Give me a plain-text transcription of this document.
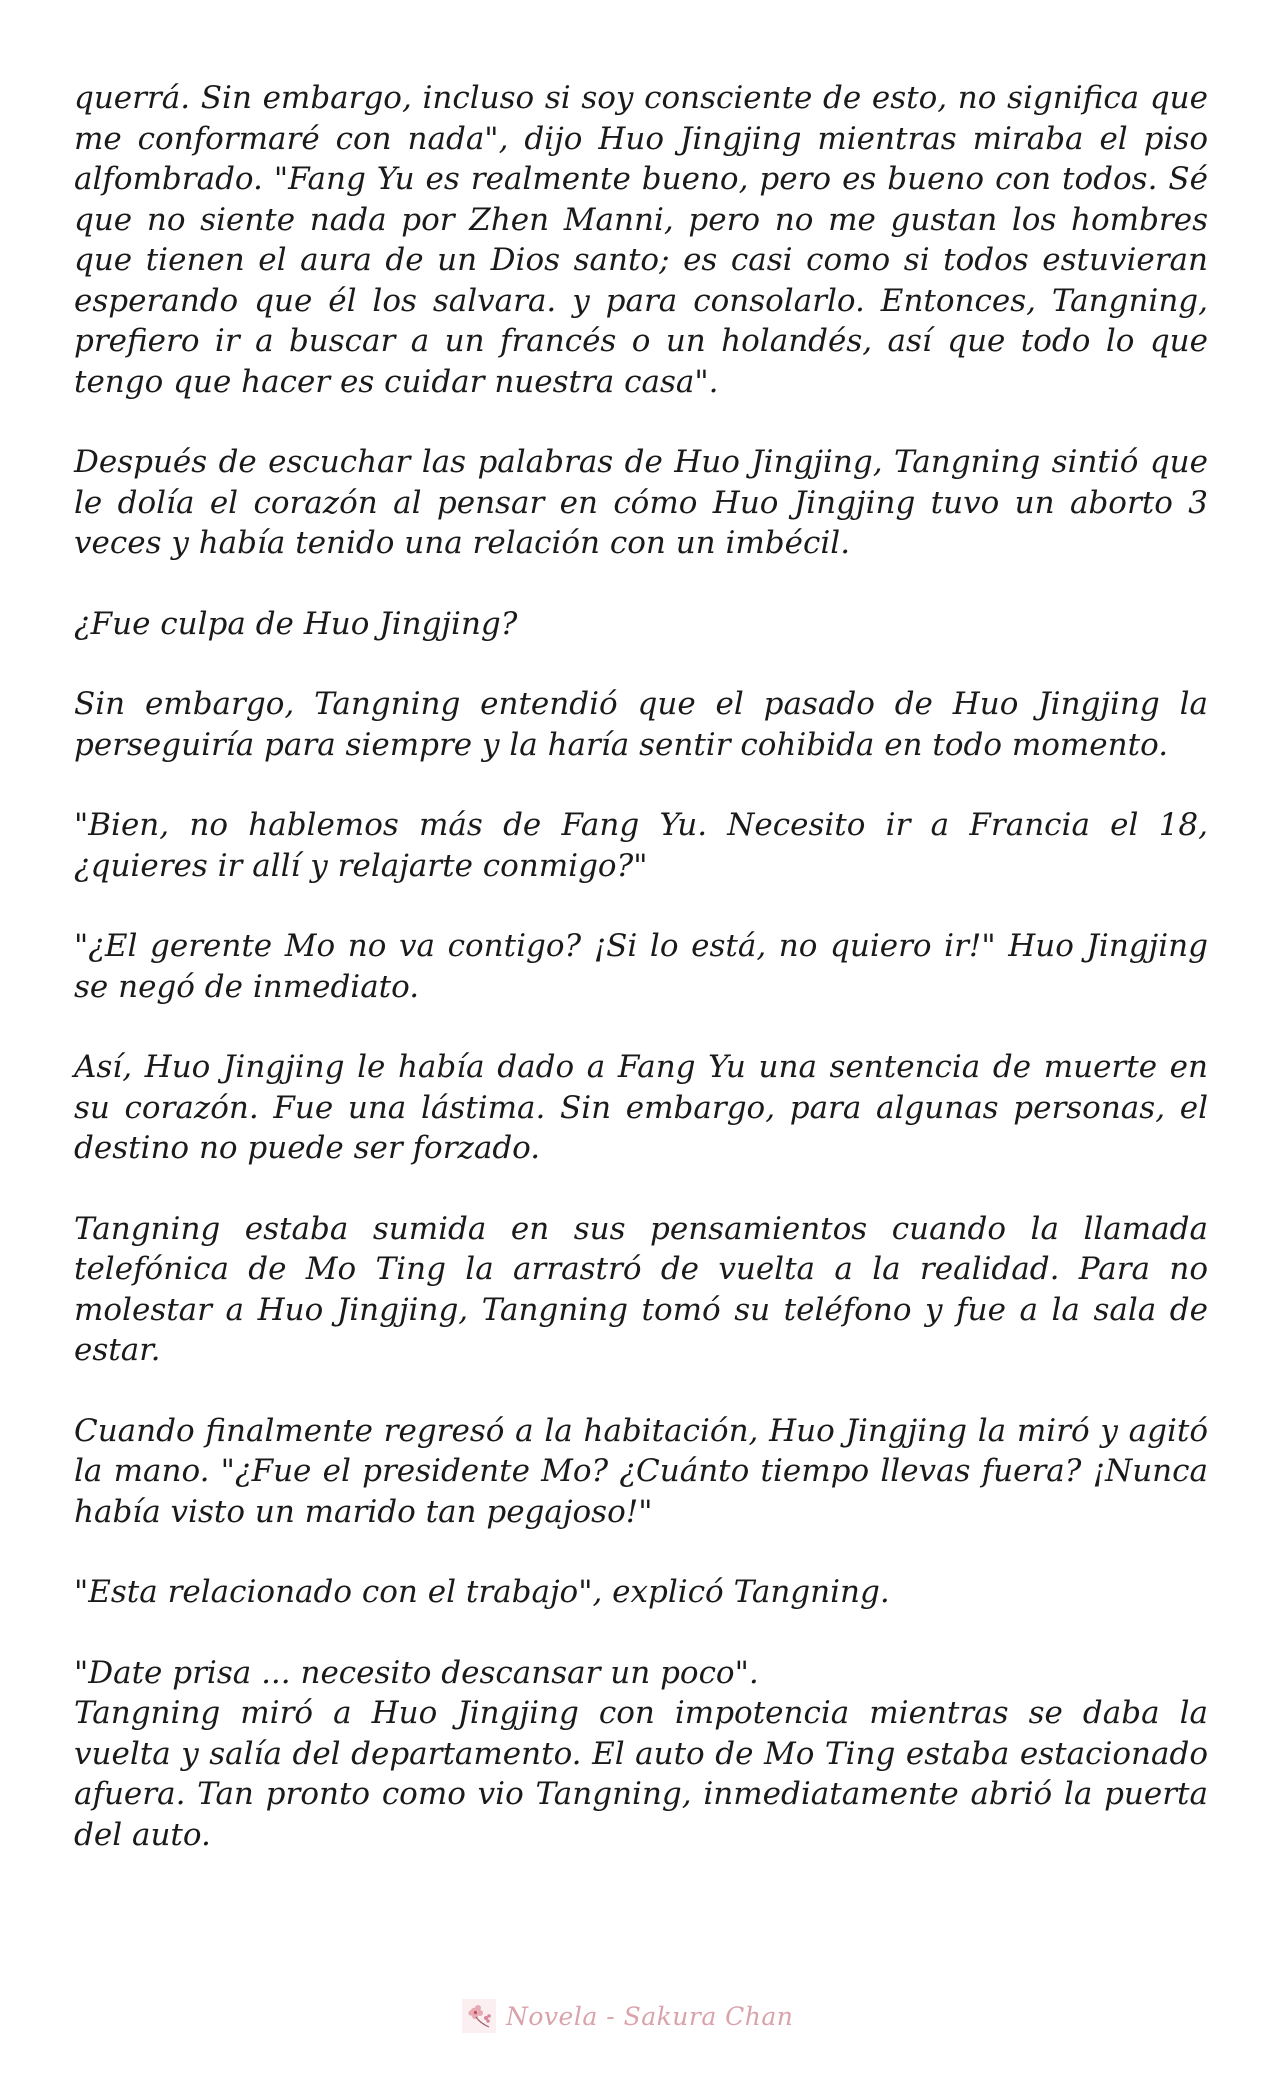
querrá. Sin embargo, incluso si soy consciente de esto, no significa que me conformaré con nada", dijo Huo Jingjing mientras miraba el piso alfombrado. "Fang Yu es realmente bueno, pero es bueno con todos. Sé que no siente nada por Zhen Manni, pero no me gustan los hombres que tienen el aura de un Dios santo; es casi como si todos estuvieran esperando que él los salvara. y para consolarlo. Entonces, Tangning, prefiero ir a buscar a un francés o un holandés, así que todo lo que tengo que hacer es cuidar nuestra casa".

Después de escuchar las palabras de Huo Jingjing, Tangning sintió que le dolía el corazón al pensar en cómo Huo Jingjing tuvo un aborto 3 veces y había tenido una relación con un imbécil.

¿Fue culpa de Huo Jingjing?

Sin embargo, Tangning entendió que el pasado de Huo Jingjing la perseguiría para siempre y la haría sentir cohibida en todo momento.

"Bien, no hablemos más de Fang Yu. Necesito ir a Francia el 18, ¿quieres ir allí y relajarte conmigo?"

"¿El gerente Mo no va contigo? ¡Si lo está, no quiero ir!" Huo Jingjing se negó de inmediato.

Así, Huo Jingjing le había dado a Fang Yu una sentencia de muerte en su corazón. Fue una lástima. Sin embargo, para algunas personas, el destino no puede ser forzado.

Tangning estaba sumida en sus pensamientos cuando la llamada telefónica de Mo Ting la arrastró de vuelta a la realidad. Para no molestar a Huo Jingjing, Tangning tomó su teléfono y fue a la sala de estar.

Cuando finalmente regresó a la habitación, Huo Jingjing la miró y agitó la mano. "¿Fue el presidente Mo? ¿Cuánto tiempo llevas fuera? ¡Nunca había visto un marido tan pegajoso!"

"Esta relacionado con el trabajo", explicó Tangning.

"Date prisa ... necesito descansar un poco".

Tangning miró a Huo Jingjing con impotencia mientras se daba la vuelta y salía del departamento. El auto de Mo Ting estaba estacionado afuera. Tan pronto como vio Tangning, inmediatamente abrió la puerta del auto.

Novela - Sakura Chan
